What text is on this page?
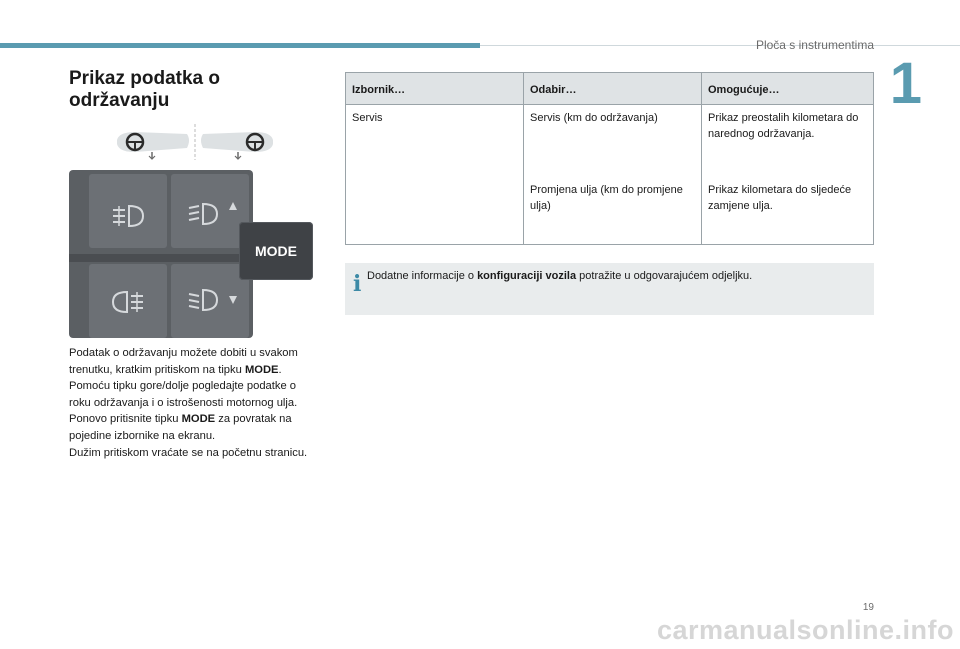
Ploča s instrumentima
1
Prikaz podatka o održavanju
MODE
Podatak o održavanju možete dobiti u svakom trenutku, kratkim pritiskom na tipku MODE.
Pomoću tipku gore/dolje pogledajte podatke o roku održavanja i o istrošenosti motornog ulja.
Ponovo pritisnite tipku MODE za povratak na pojedine izbornike na ekranu.
Dužim pritiskom vraćate se na početnu stranicu.
Izbornik…	Odabir…	Omogućuje…
Servis	Servis (km do održavanja)	Prikaz preostalih kilometara do narednog održavanja.
	Promjena ulja (km do promjene ulja)	Prikaz kilometara do sljedeće zamjene ulja.
i Dodatne informacije o konfiguraciji vozila potražite u odgovarajućem odjeljku.
19
carmanualsonline.info
